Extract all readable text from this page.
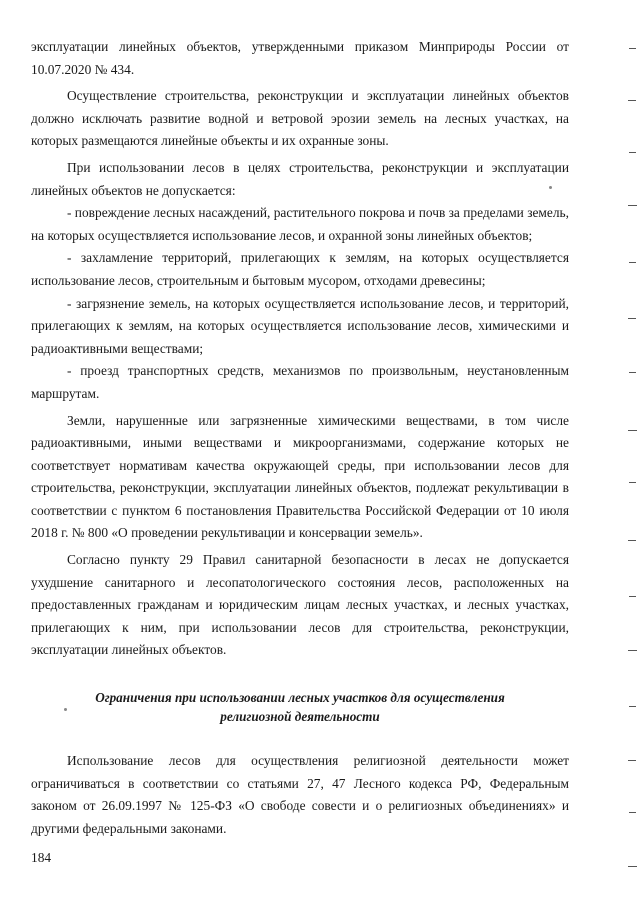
эксплуатации линейных объектов, утвержденными приказом Минприроды России от 10.07.2020 № 434.

Осуществление строительства, реконструкции и эксплуатации линейных объектов должно исключать развитие водной и ветровой эрозии земель на лесных участках, на которых размещаются линейные объекты и их охранные зоны.

При использовании лесов в целях строительства, реконструкции и эксплуатации линейных объектов не допускается:

- повреждение лесных насаждений, растительного покрова и почв за пределами земель, на которых осуществляется использование лесов, и охранной зоны линейных объектов;

- захламление территорий, прилегающих к землям, на которых осуществляется использование лесов, строительным и бытовым мусором, отходами древесины;

- загрязнение земель, на которых осуществляется использование лесов, и территорий, прилегающих к землям, на которых осуществляется использование лесов, химическими и радиоактивными веществами;

- проезд транспортных средств, механизмов по произвольным, неустановленным маршрутам.

Земли, нарушенные или загрязненные химическими веществами, в том числе радиоактивными, иными веществами и микроорганизмами, содержание которых не соответствует нормативам качества окружающей среды, при использовании лесов для строительства, реконструкции, эксплуатации линейных объектов, подлежат рекультивации в соответствии с пунктом 6 постановления Правительства Российской Федерации от 10 июля 2018 г. № 800 «О проведении рекультивации и консервации земель».

Согласно пункту 29 Правил санитарной безопасности в лесах не допускается ухудшение санитарного и лесопатологического состояния лесов, расположенных на предоставленных гражданам и юридическим лицам лесных участках, и лесных участках, прилегающих к ним, при использовании лесов для строительства, реконструкции, эксплуатации линейных объектов.

Ограничения при использовании лесных участков для осуществления
религиозной деятельности

Использование лесов для осуществления религиозной деятельности может ограничиваться в соответствии со статьями 27, 47 Лесного кодекса РФ, Федеральным законом от 26.09.1997 № 125-ФЗ «О свободе совести и о религиозных объединениях» и другими федеральными законами.

184
